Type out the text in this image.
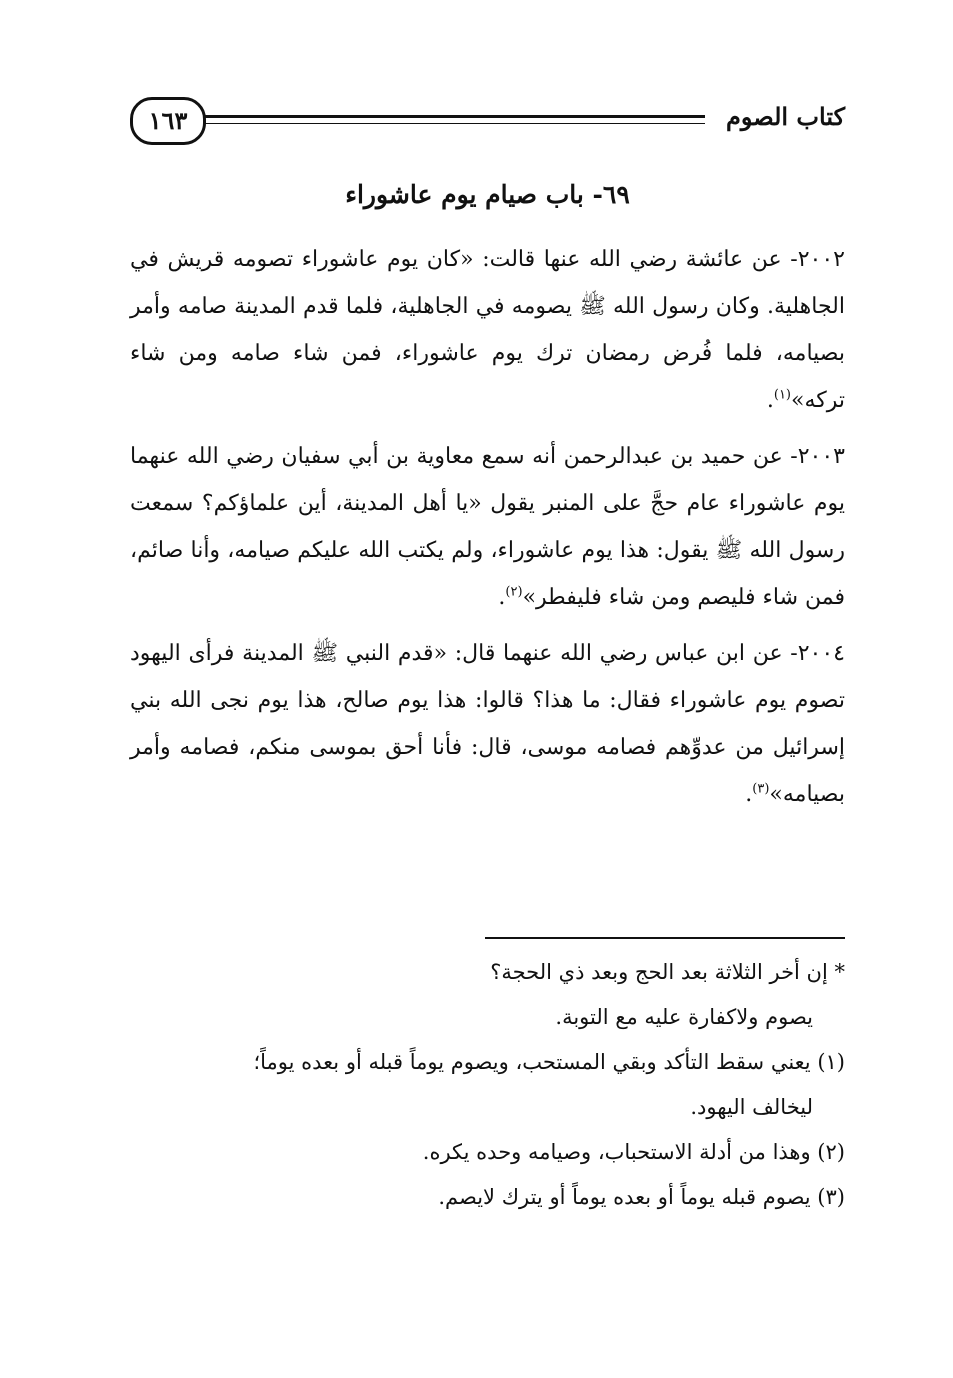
كتاب الصوم
١٦٣
٦٩- باب صيام يوم عاشوراء

٢٠٠٢- عن عائشة رضي الله عنها قالت: «كان يوم عاشوراء تصومه قريش في الجاهلية. وكان رسول الله ﷺ يصومه في الجاهلية، فلما قدم المدينة صامه وأمر بصيامه، فلما فُرض رمضان ترك يوم عاشوراء، فمن شاء صامه ومن شاء تركه»$^{(١)}$.

٢٠٠٣- عن حميد بن عبدالرحمن أنه سمع معاوية بن أبي سفيان رضي الله عنهما يوم عاشوراء عام حجَّ على المنبر يقول «يا أهل المدينة، أين علماؤكم؟ سمعت رسول الله ﷺ يقول: هذا يوم عاشوراء، ولم يكتب الله عليكم صيامه، وأنا صائم، فمن شاء فليصم ومن شاء فليفطر»$^{(٢)}$.

٢٠٠٤- عن ابن عباس رضي الله عنهما قال: «قدم النبي ﷺ المدينة فرأى اليهود تصوم يوم عاشوراء فقال: ما هذا؟ قالوا: هذا يوم صالح، هذا يوم نجى الله بني إسرائيل من عدوِّهم فصامه موسى، قال: فأنا أحق بموسى منكم، فصامه وأمر بصيامه»$^{(٣)}$.

* إن أخر الثلاثة بعد الحج وبعد ذي الحجة؟

يصوم ولاكفارة عليه مع التوبة.

(١) يعني سقط التأكد وبقي المستحب، ويصوم يوماً قبله أو بعده يوماً؛

ليخالف اليهود.

(٢) وهذا من أدلة الاستحباب، وصيامه وحده يكره.

(٣) يصوم قبله يوماً أو بعده يوماً أو يترك لايصم.
